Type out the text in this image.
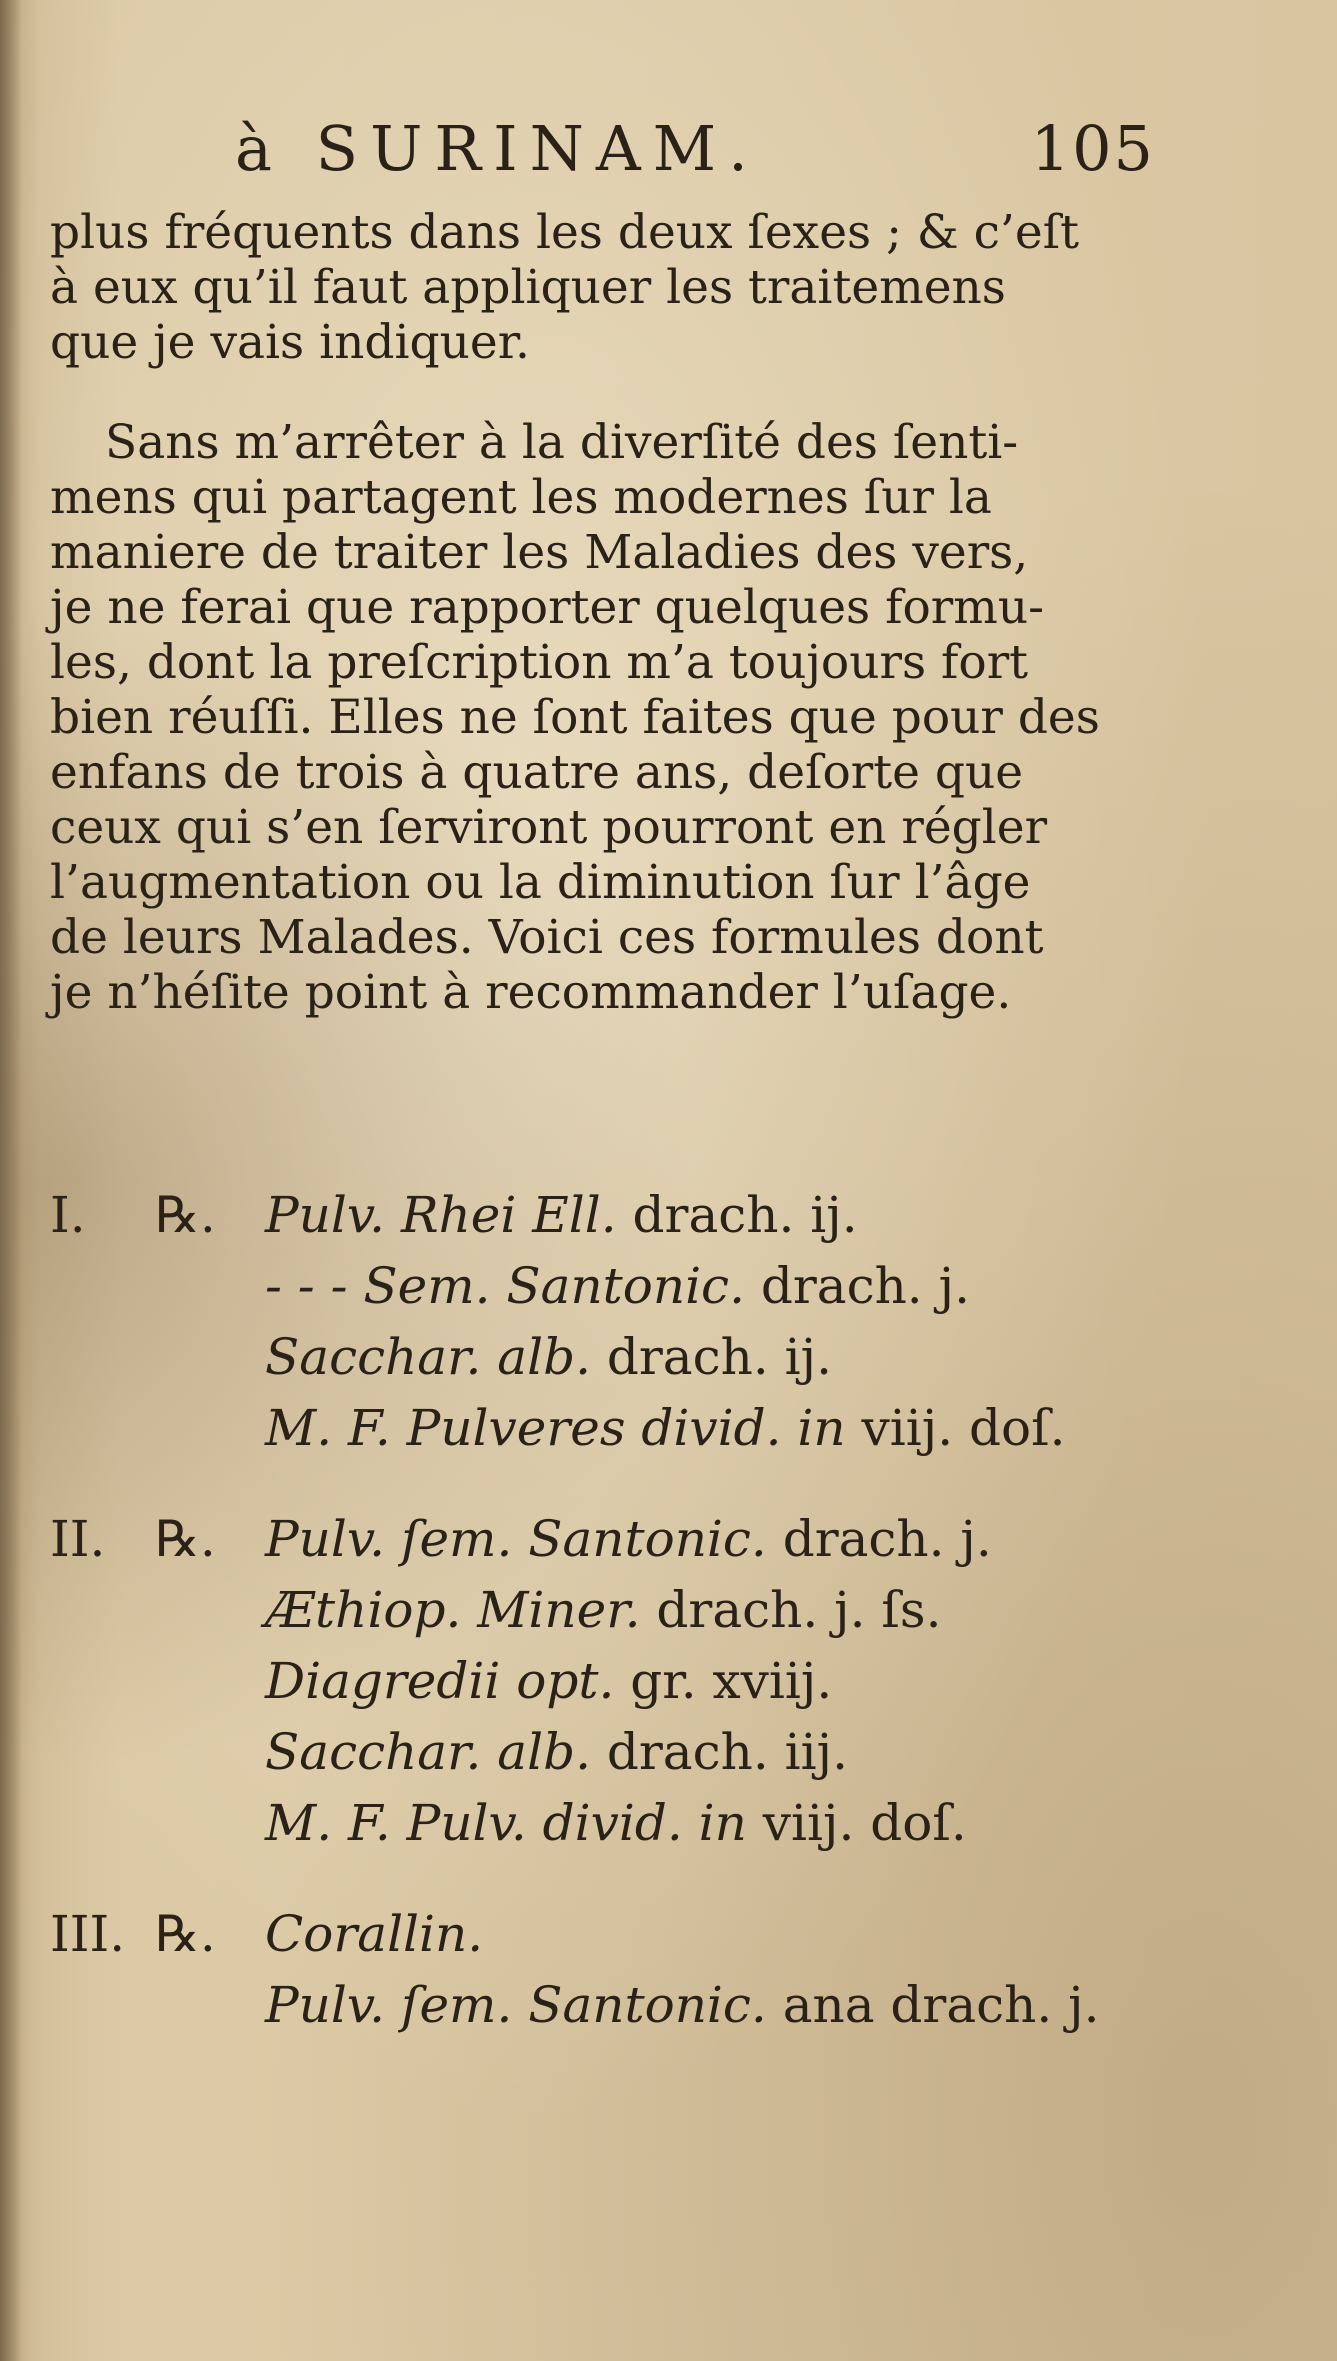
à SURINAM.	105
plus fréquents dans les deux ſexes ; & c’eſt
à eux qu’il faut appliquer les traitemens
que je vais indiquer.
Sans m’arrêter à la diverſité des ſenti-
mens qui partagent les modernes ſur la
maniere de traiter les Maladies des vers,
je ne ferai que rapporter quelques formu-
les, dont la preſcription m’a toujours fort
bien réuſſi. Elles ne ſont faites que pour des
enfans de trois à quatre ans, deſorte que
ceux qui s’en ſerviront pourront en régler
l’augmentation ou la diminution ſur l’âge
de leurs Malades. Voici ces formules dont
je n’héſite point à recommander l’uſage.
I. ℞. Pulv. Rhei Ell. drach. ij.
- - - Sem. Santonic. drach. j.
Sacchar. alb. drach. ij.
M. F. Pulveres divid. in viij. doſ.
II. ℞. Pulv. ſem. Santonic. drach. j.
Æthiop. Miner. drach. j. ſs.
Diagredii opt. gr. xviij.
Sacchar. alb. drach. iij.
M. F. Pulv. divid. in viij. doſ.
III. ℞. Corallin.
Pulv. ſem. Santonic. ana drach. j.
